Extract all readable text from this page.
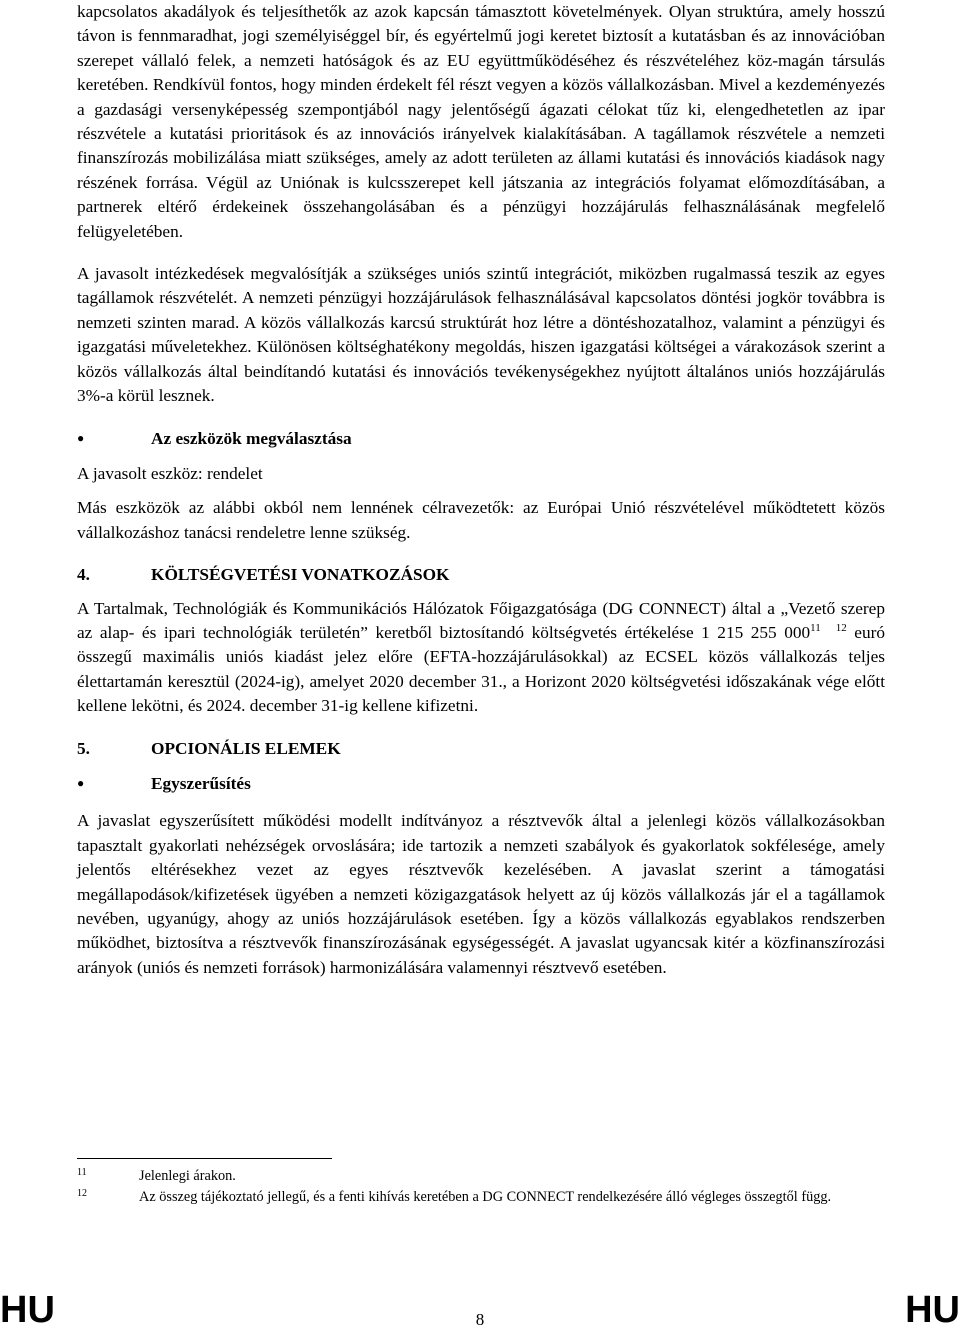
kapcsolatos akadályok és teljesíthetők az azok kapcsán támasztott követelmények. Olyan struktúra, amely hosszú távon is fennmaradhat, jogi személyiséggel bír, és egyértelmű jogi keretet biztosít a kutatásban és az innovációban szerepet vállaló felek, a nemzeti hatóságok és az EU együttműködéséhez és részvételéhez köz-magán társulás keretében. Rendkívül fontos, hogy minden érdekelt fél részt vegyen a közös vállalkozásban. Mivel a kezdeményezés a gazdasági versenyképesség szempontjából nagy jelentőségű ágazati célokat tűz ki, elengedhetetlen az ipar részvétele a kutatási prioritások és az innovációs irányelvek kialakításában. A tagállamok részvétele a nemzeti finanszírozás mobilizálása miatt szükséges, amely az adott területen az állami kutatási és innovációs kiadások nagy részének forrása. Végül az Uniónak is kulcsszerepet kell játszania az integrációs folyamat előmozdításában, a partnerek eltérő érdekeinek összehangolásában és a pénzügyi hozzájárulás felhasználásának megfelelő felügyeletében.

A javasolt intézkedések megvalósítják a szükséges uniós szintű integrációt, miközben rugalmassá teszik az egyes tagállamok részvételét. A nemzeti pénzügyi hozzájárulások felhasználásával kapcsolatos döntési jogkör továbbra is nemzeti szinten marad. A közös vállalkozás karcsú struktúrát hoz létre a döntéshozatalhoz, valamint a pénzügyi és igazgatási műveletekhez. Különösen költséghatékony megoldás, hiszen igazgatási költségei a várakozások szerint a közös vállalkozás által beindítandó kutatási és innovációs tevékenységekhez nyújtott általános uniós hozzájárulás 3%-a körül lesznek.

●	Az eszközök megválasztása

A javasolt eszköz: rendelet

Más eszközök az alábbi okból nem lennének célravezetők: az Európai Unió részvételével működtetett közös vállalkozáshoz tanácsi rendeletre lenne szükség.

4.	KÖLTSÉGVETÉSI VONATKOZÁSOK

A Tartalmak, Technológiák és Kommunikációs Hálózatok Főigazgatósága (DG CONNECT) által a „Vezető szerep az alap- és ipari technológiák területén” keretből biztosítandó költségvetés értékelése 1 215 255 $000^{11}$ $^{12}$ euró összegű maximális uniós kiadást jelez előre (EFTA-hozzájárulásokkal) az ECSEL közös vállalkozás teljes élettartamán keresztül (2024-ig), amelyet 2020 december 31., a Horizont 2020 költségvetési időszakának vége előtt kellene lekötni, és 2024. december 31-ig kellene kifizetni.

5.	OPCIONÁLIS ELEMEK
●	Egyszerűsítés

A javaslat egyszerűsített működési modellt indítványoz a résztvevők által a jelenlegi közös vállalkozásokban tapasztalt gyakorlati nehézségek orvoslására; ide tartozik a nemzeti szabályok és gyakorlatok sokfélesége, amely jelentős eltérésekhez vezet az egyes résztvevők kezelésében. A javaslat szerint a támogatási megállapodások/kifizetések ügyében a nemzeti közigazgatások helyett az új közös vállalkozás jár el a tagállamok nevében, ugyanúgy, ahogy az uniós hozzájárulások esetében. Így a közös vállalkozás egyablakos rendszerben működhet, biztosítva a résztvevők finanszírozásának egységességét. A javaslat ugyancsak kitér a közfinanszírozási arányok (uniós és nemzeti források) harmonizálására valamennyi résztvevő esetében.

11	Jelenlegi árakon.
12	Az összeg tájékoztató jellegű, és a fenti kihívás keretében a DG CONNECT rendelkezésére álló végleges összegtől függ.
HU	8	HU
